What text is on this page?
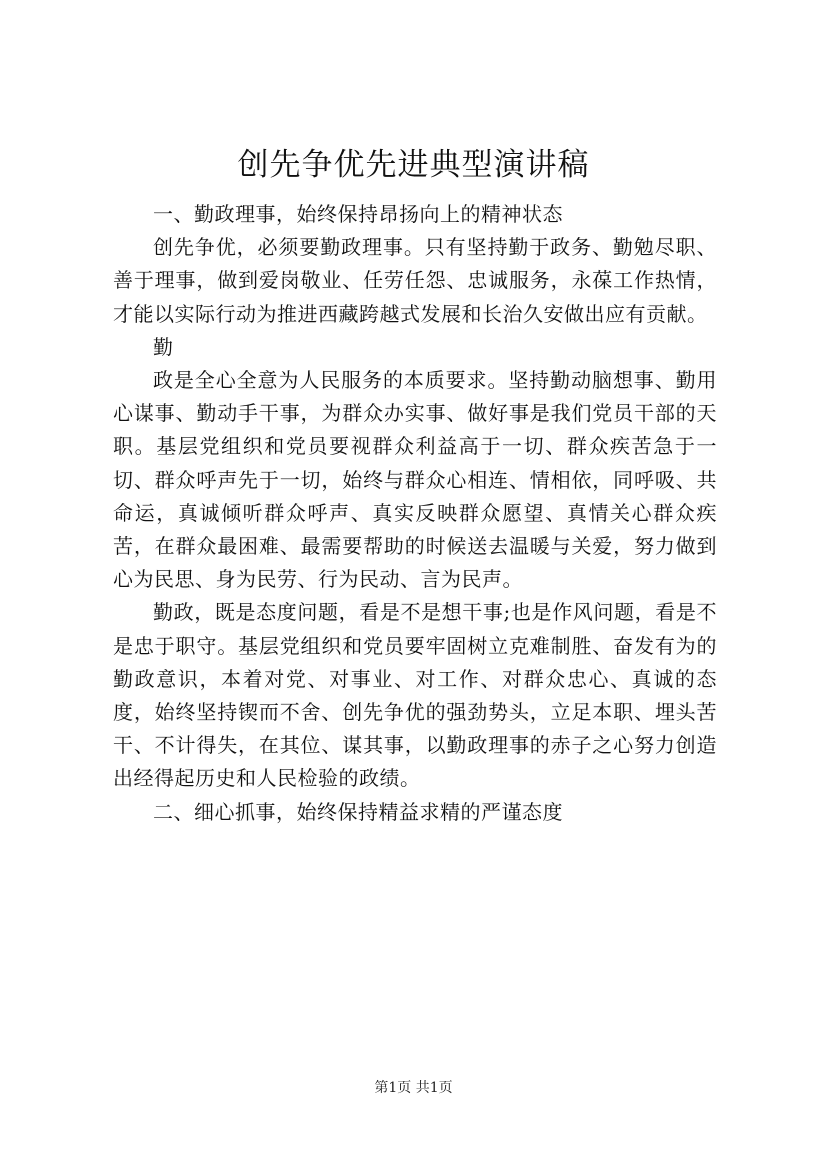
创先争优先进典型演讲稿

一、勤政理事，始终保持昂扬向上的精神状态

创先争优，必须要勤政理事。只有坚持勤于政务、勤勉尽职、善于理事，做到爱岗敬业、任劳任怨、忠诚服务，永葆工作热情，才能以实际行动为推进西藏跨越式发展和长治久安做出应有贡献。

勤

政是全心全意为人民服务的本质要求。坚持勤动脑想事、勤用心谋事、勤动手干事，为群众办实事、做好事是我们党员干部的天职。基层党组织和党员要视群众利益高于一切、群众疾苦急于一切、群众呼声先于一切，始终与群众心相连、情相依，同呼吸、共命运，真诚倾听群众呼声、真实反映群众愿望、真情关心群众疾苦，在群众最困难、最需要帮助的时候送去温暖与关爱，努力做到心为民思、身为民劳、行为民动、言为民声。

勤政，既是态度问题，看是不是想干事;也是作风问题，看是不是忠于职守。基层党组织和党员要牢固树立克难制胜、奋发有为的勤政意识，本着对党、对事业、对工作、对群众忠心、真诚的态度，始终坚持锲而不舍、创先争优的强劲势头，立足本职、埋头苦干、不计得失，在其位、谋其事，以勤政理事的赤子之心努力创造出经得起历史和人民检验的政绩。

二、细心抓事，始终保持精益求精的严谨态度

第1页 共1页
